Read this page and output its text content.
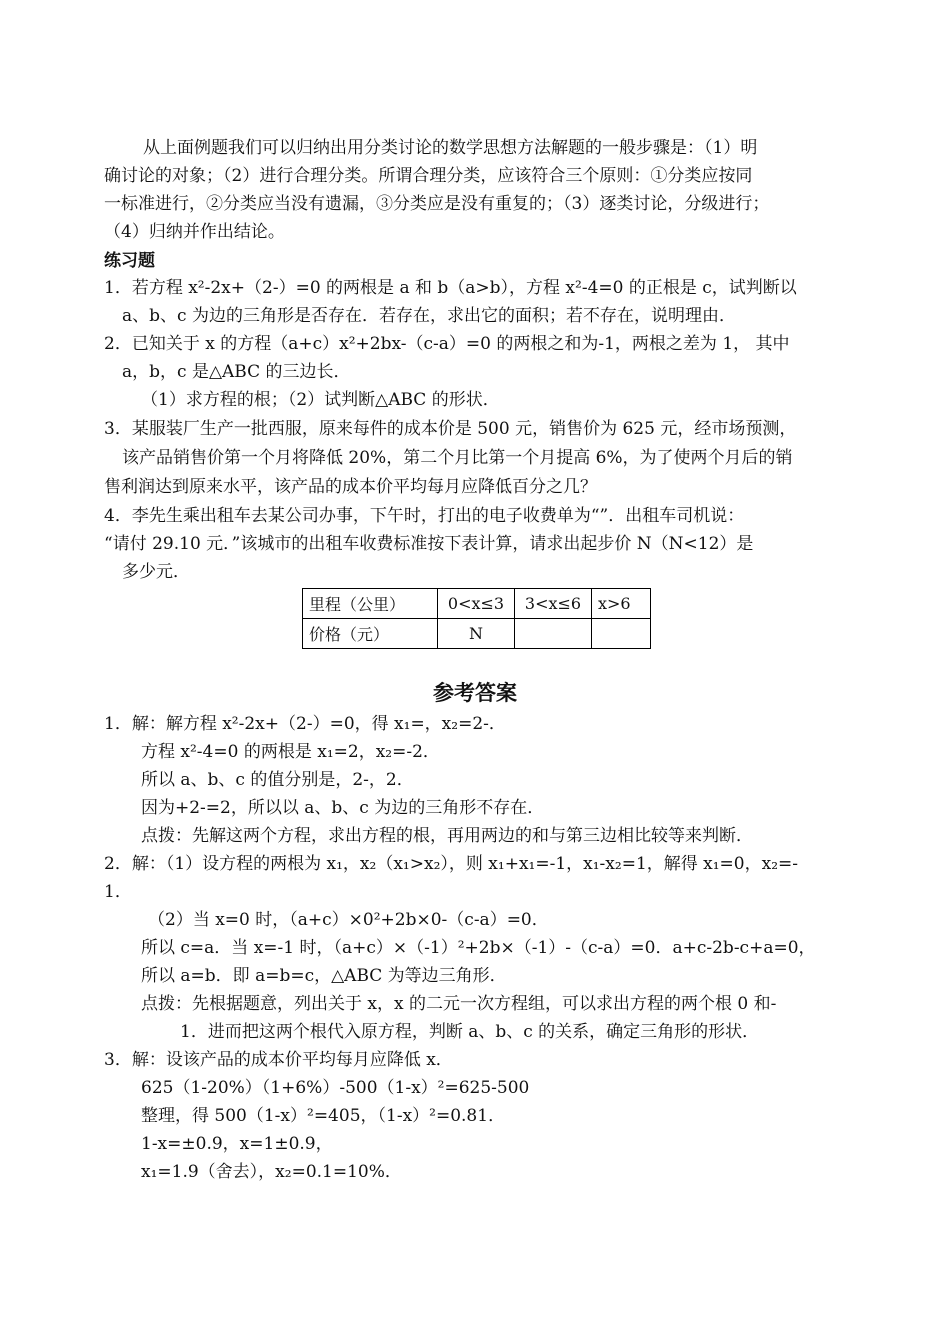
从上面例题我们可以归纳出用分类讨论的数学思想方法解题的一般步骤是：（1）明
确讨论的对象；（2）进行合理分类。所谓合理分类，应该符合三个原则：①分类应按同
一标准进行，②分类应当没有遗漏，③分类应是没有重复的；（3）逐类讨论，分级进行；
（4）归纳并作出结论。
练习题
1．若方程 x²-2x+（2-）=0 的两根是 a 和 b（a>b），方程 x²-4=0 的正根是 c，试判断以
a、b、c 为边的三角形是否存在．若存在，求出它的面积；若不存在，说明理由．
2．已知关于 x 的方程（a+c）x²+2bx-（c-a）=0 的两根之和为-1，两根之差为 1， 其中
a，b，c 是△ABC 的三边长．
（1）求方程的根；（2）试判断△ABC 的形状．
3．某服装厂生产一批西服，原来每件的成本价是 500 元，销售价为 625 元，经市场预测，
该产品销售价第一个月将降低 20%，第二个月比第一个月提高 6%，为了使两个月后的销
售利润达到原来水平，该产品的成本价平均每月应降低百分之几？
4．李先生乘出租车去某公司办事，下午时，打出的电子收费单为“”．出租车司机说：
“请付 29.10 元．”该城市的出租车收费标准按下表计算，请求出起步价 N（N<12）是
多少元．
里程（公里）	0<x≤3	3<x≤6	x>6
价格（元）	N		
参考答案
1．解：解方程 x²-2x+（2-）=0，得 x₁=，x₂=2-．
方程 x²-4=0 的两根是 x₁=2，x₂=-2．
所以 a、b、c 的值分别是，2-，2．
因为+2-=2，所以以 a、b、c 为边的三角形不存在．
点拨：先解这两个方程，求出方程的根，再用两边的和与第三边相比较等来判断．
2．解：（1）设方程的两根为 x₁，x₂（x₁>x₂），则 x₁+x₁=-1，x₁-x₂=1，解得 x₁=0，x₂=-
1．
（2）当 x=0 时，（a+c）×0²+2b×0-（c-a）=0．
所以 c=a．当 x=-1 时，（a+c）×（-1）²+2b×（-1）-（c-a）=0．a+c-2b-c+a=0，
所以 a=b．即 a=b=c，△ABC 为等边三角形．
点拨：先根据题意，列出关于 x，x 的二元一次方程组，可以求出方程的两个根 0 和-
1．进而把这两个根代入原方程，判断 a、b、c 的关系，确定三角形的形状．
3．解：设该产品的成本价平均每月应降低 x．
625（1-20%）（1+6%）-500（1-x）²=625-500
整理，得 500（1-x）²=405，（1-x）²=0.81．
1-x=±0.9，x=1±0.9，
x₁=1.9（舍去），x₂=0.1=10%．
